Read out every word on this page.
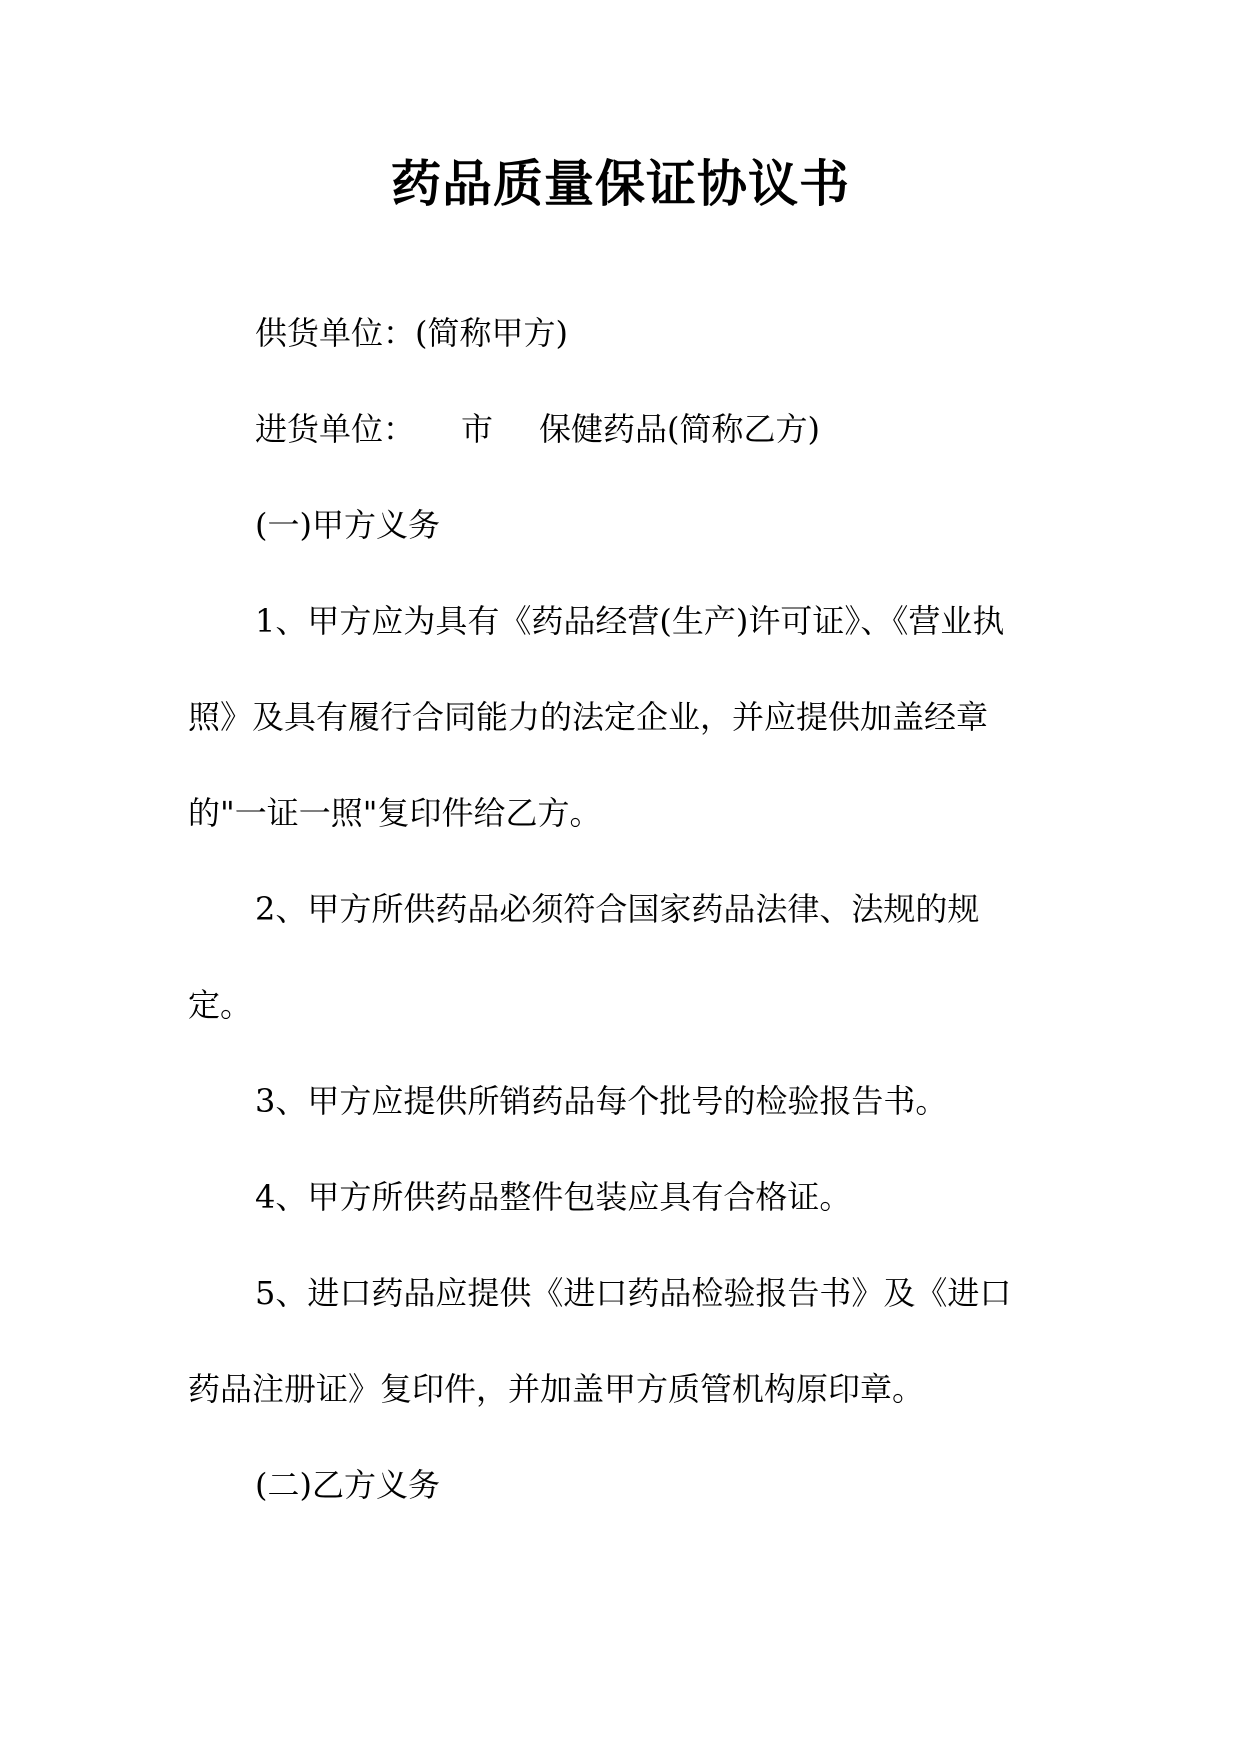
药品质量保证协议书

供货单位：(简称甲方)

进货单位： 市 保健药品(简称乙方)

(一)甲方义务

1、甲方应为具有《药品经营(生产)许可证》、《营业执

照》及具有履行合同能力的法定企业，并应提供加盖经章

的"一证一照"复印件给乙方。

2、甲方所供药品必须符合国家药品法律、法规的规

定。

3、甲方应提供所销药品每个批号的检验报告书。

4、甲方所供药品整件包装应具有合格证。

5、进口药品应提供《进口药品检验报告书》及《进口

药品注册证》复印件，并加盖甲方质管机构原印章。

(二)乙方义务
